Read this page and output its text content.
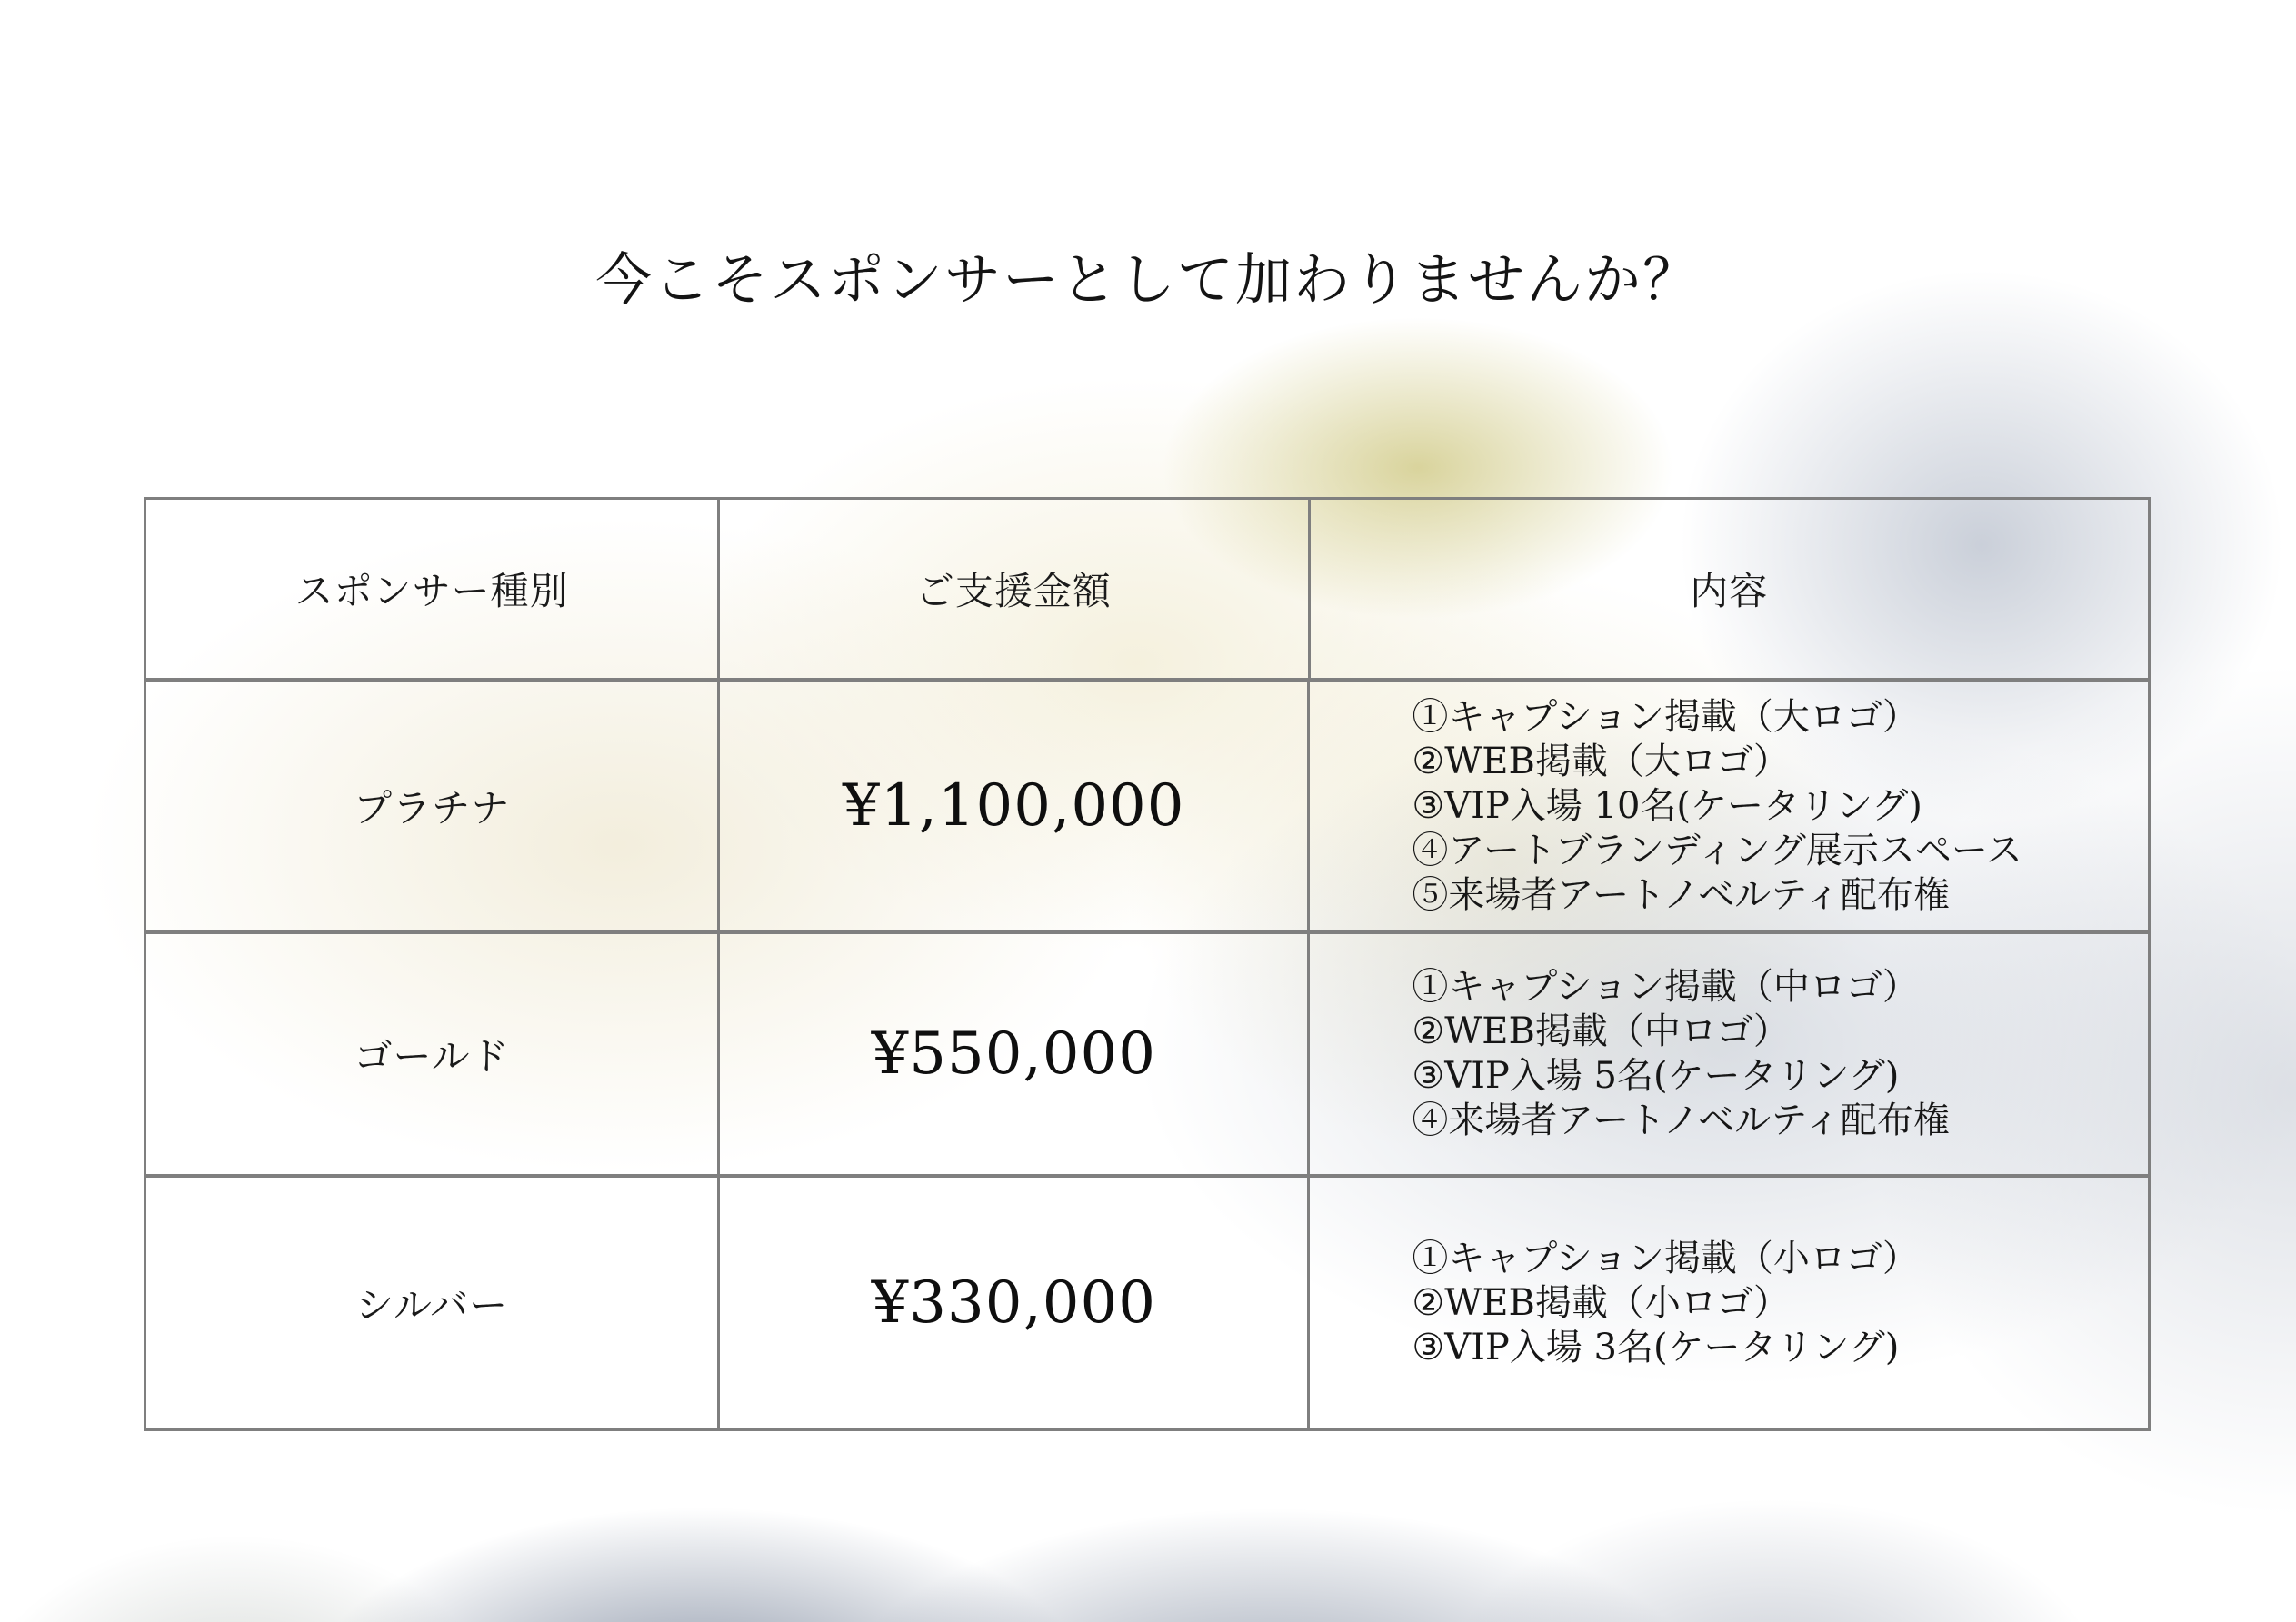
今こそスポンサーとして加わりませんか？
スポンサー種別	ご支援金額	内容
プラチナ	¥1,100,000
①キャプション掲載（大ロゴ）
②WEB掲載（大ロゴ）
③VIP入場 10名(ケータリング)
④アートブランディング展示スペース
⑤来場者アートノベルティ配布権
ゴールド	¥550,000
①キャプション掲載（中ロゴ）
②WEB掲載（中ロゴ）
③VIP入場 5名(ケータリング)
④来場者アートノベルティ配布権
シルバー	¥330,000
①キャプション掲載（小ロゴ）
②WEB掲載（小ロゴ）
③VIP入場 3名(ケータリング)
